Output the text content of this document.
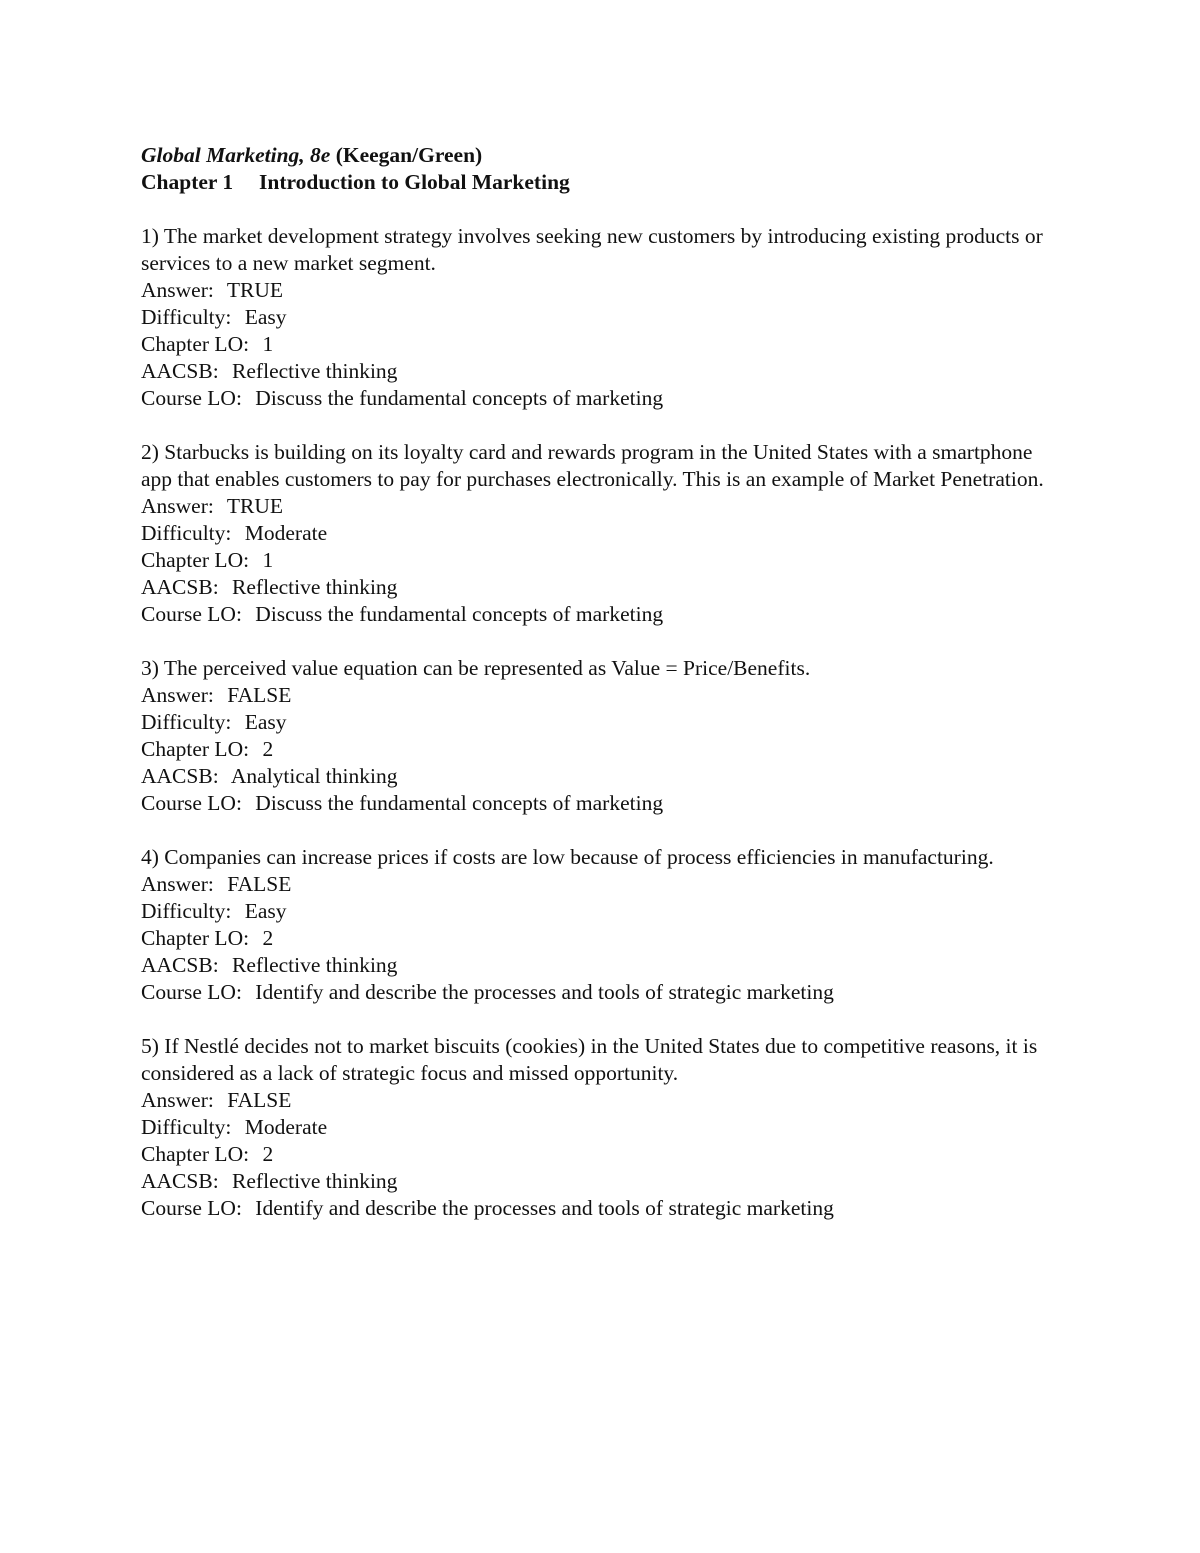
Global Marketing, 8e (Keegan/Green)
Chapter 1 Introduction to Global Marketing
1) The market development strategy involves seeking new customers by introducing existing products or services to a new market segment.
Answer: TRUE
Difficulty: Easy
Chapter LO: 1
AACSB: Reflective thinking
Course LO: Discuss the fundamental concepts of marketing
2) Starbucks is building on its loyalty card and rewards program in the United States with a smartphone app that enables customers to pay for purchases electronically. This is an example of Market Penetration.
Answer: TRUE
Difficulty: Moderate
Chapter LO: 1
AACSB: Reflective thinking
Course LO: Discuss the fundamental concepts of marketing
3) The perceived value equation can be represented as Value = Price/Benefits.
Answer: FALSE
Difficulty: Easy
Chapter LO: 2
AACSB: Analytical thinking
Course LO: Discuss the fundamental concepts of marketing
4) Companies can increase prices if costs are low because of process efficiencies in manufacturing.
Answer: FALSE
Difficulty: Easy
Chapter LO: 2
AACSB: Reflective thinking
Course LO: Identify and describe the processes and tools of strategic marketing
5) If Nestlé decides not to market biscuits (cookies) in the United States due to competitive reasons, it is considered as a lack of strategic focus and missed opportunity.
Answer: FALSE
Difficulty: Moderate
Chapter LO: 2
AACSB: Reflective thinking
Course LO: Identify and describe the processes and tools of strategic marketing
